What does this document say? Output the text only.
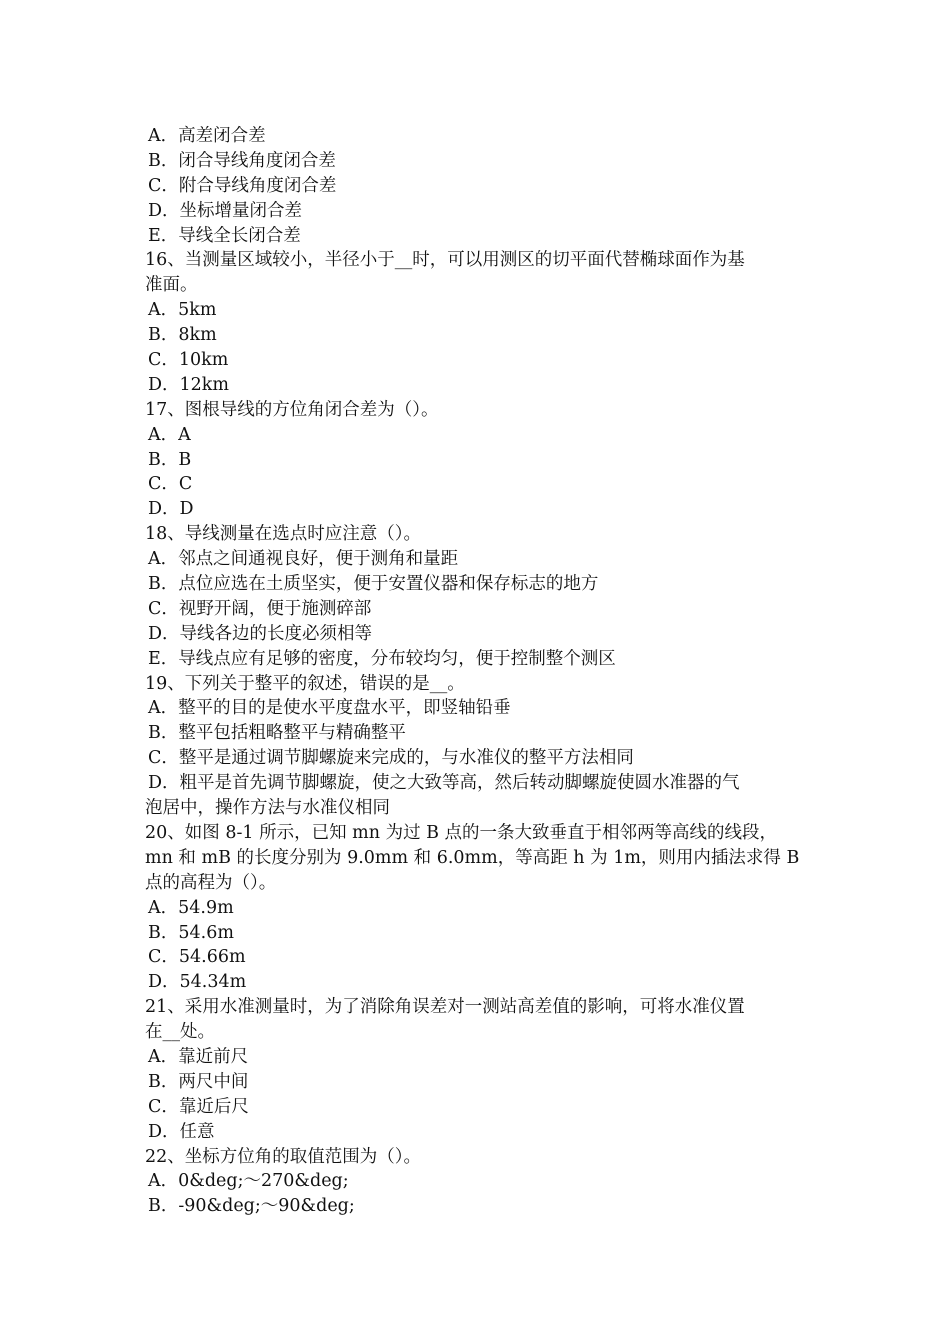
A．高差闭合差
B．闭合导线角度闭合差
C．附合导线角度闭合差
D．坐标增量闭合差
E．导线全长闭合差
16、当测量区域较小，半径小于__时，可以用测区的切平面代替椭球面作为基
准面。
A．5km
B．8km
C．10km
D．12km
17、图根导线的方位角闭合差为（）。
A．A
B．B
C．C
D．D
18、导线测量在选点时应注意（）。
A．邻点之间通视良好，便于测角和量距
B．点位应选在土质坚实，便于安置仪器和保存标志的地方
C．视野开阔，便于施测碎部
D．导线各边的长度必须相等
E．导线点应有足够的密度，分布较均匀，便于控制整个测区
19、下列关于整平的叙述，错误的是__。
A．整平的目的是使水平度盘水平，即竖轴铅垂
B．整平包括粗略整平与精确整平
C．整平是通过调节脚螺旋来完成的，与水准仪的整平方法相同
D．粗平是首先调节脚螺旋，使之大致等高，然后转动脚螺旋使圆水准器的气
泡居中，操作方法与水准仪相同
20、如图 8-1 所示，已知 mn 为过 B 点的一条大致垂直于相邻两等高线的线段，
mn 和 mB 的长度分别为 9.0mm 和 6.0mm，等高距 h 为 1m，则用内插法求得 B
点的高程为（）。
A．54.9m
B．54.6m
C．54.66m
D．54.34m
21、采用水准测量时，为了消除角误差对一测站高差值的影响，可将水准仪置
在__处。
A．靠近前尺
B．两尺中间
C．靠近后尺
D．任意
22、坐标方位角的取值范围为（）。
A．0&deg;～270&deg;
B．-90&deg;～90&deg;
